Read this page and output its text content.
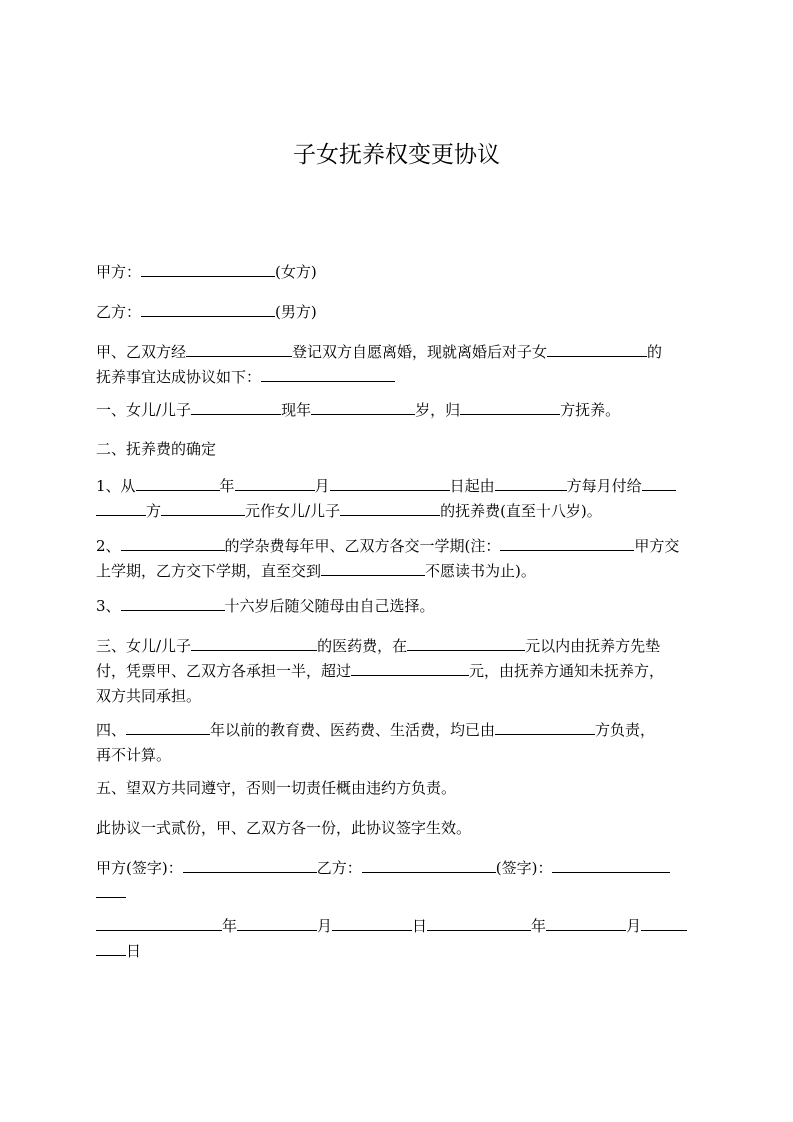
子女抚养权变更协议
甲方：	(女方)
乙方：	(男方)
甲、乙双方经	登记双方自愿离婚，现就离婚后对子女	的
抚养事宜达成协议如下：
一、女儿/儿子	现年	岁，归	方抚养。
二、抚养费的确定
1、从	年	月	日起由	方每月付给
方	元作女儿/儿子	的抚养费(直至十八岁)。
2、	的学杂费每年甲、乙双方各交一学期(注：	甲方交
上学期，乙方交下学期，直至交到	不愿读书为止)。
3、	十六岁后随父随母由自己选择。
三、女儿/儿子	的医药费，在	元以内由抚养方先垫
付，凭票甲、乙双方各承担一半，超过	元，由抚养方通知未抚养方，
双方共同承担。
四、	年以前的教育费、医药费、生活费，均已由	方负责，
再不计算。
五、望双方共同遵守，否则一切责任概由违约方负责。
此协议一式贰份，甲、乙双方各一份，此协议签字生效。
甲方(签字)：	乙方：	(签字)：

年	月	日	年	月
日
